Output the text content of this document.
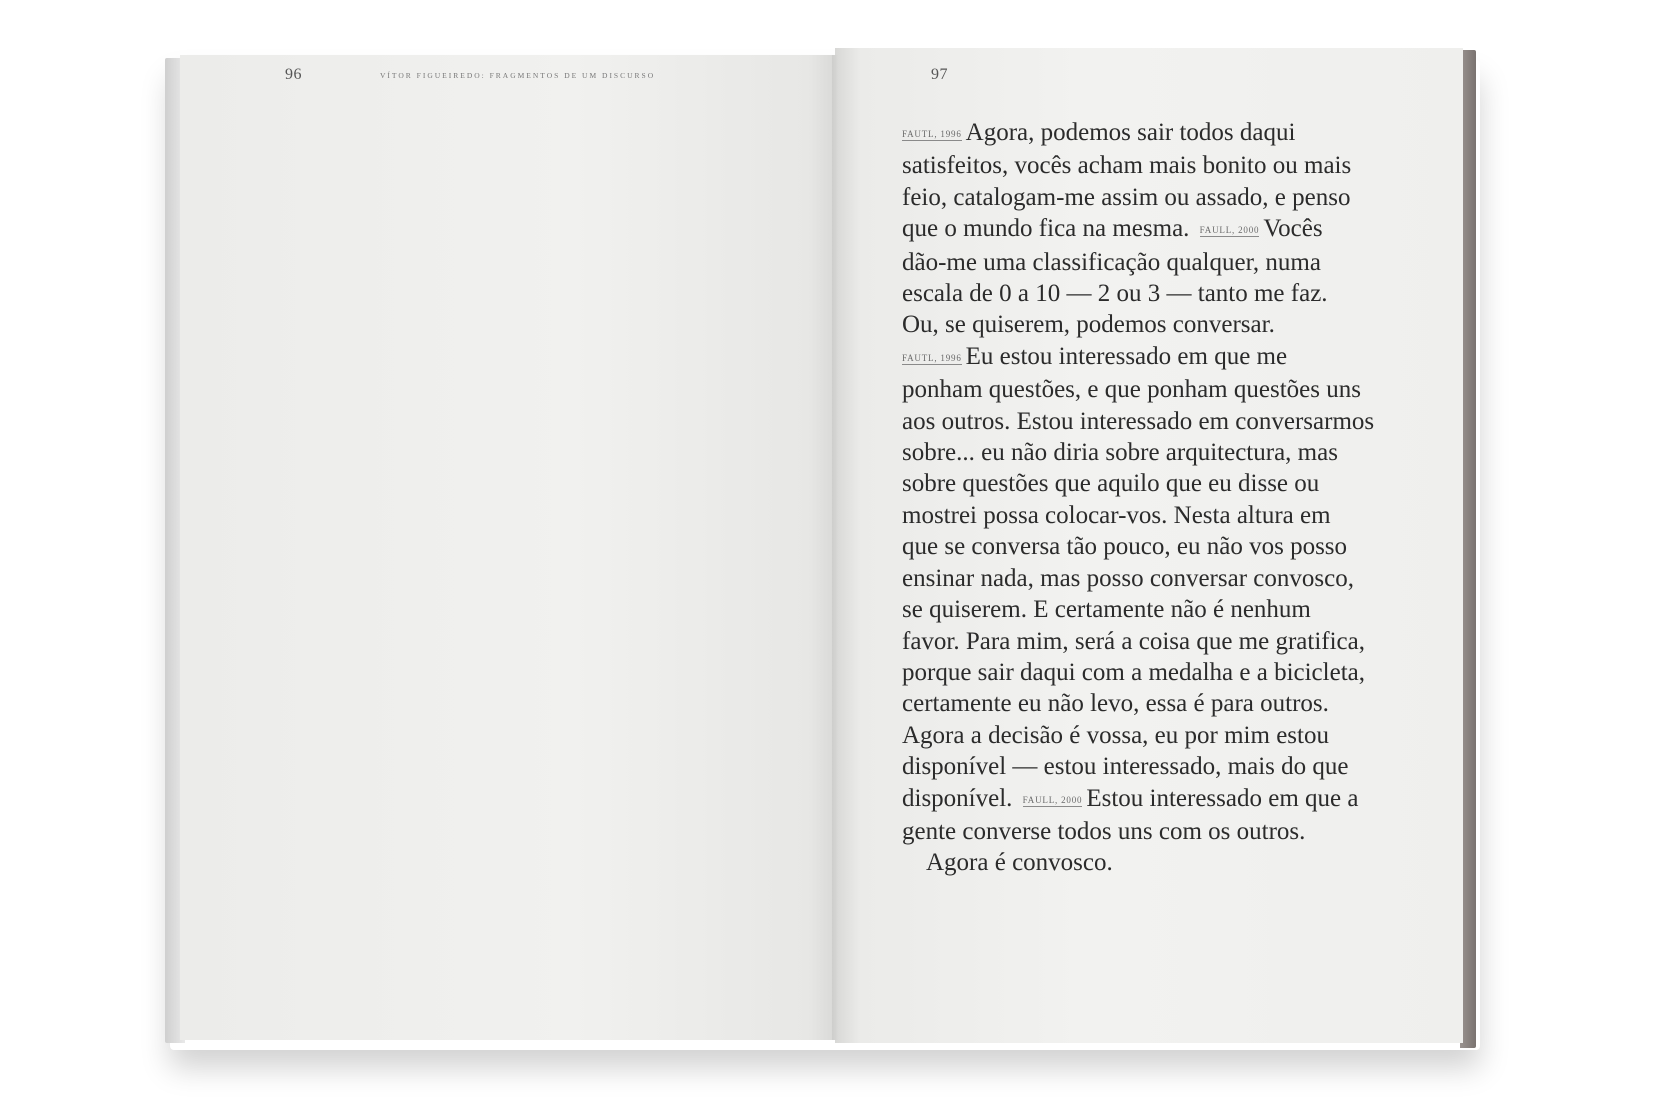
96	VÍTOR FIGUEIREDO: FRAGMENTOS DE UM DISCURSO	97
FAUTL, 1996 Agora, podemos sair todos daqui
satisfeitos, vocês acham mais bonito ou mais
feio, catalogam-me assim ou assado, e penso
que o mundo fica na mesma. FAULL, 2000 Vocês
dão-me uma classificação qualquer, numa
escala de 0 a 10 — 2 ou 3 — tanto me faz.
Ou, se quiserem, podemos conversar.
FAUTL, 1996 Eu estou interessado em que me
ponham questões, e que ponham questões uns
aos outros. Estou interessado em conversarmos
sobre... eu não diria sobre arquitectura, mas
sobre questões que aquilo que eu disse ou
mostrei possa colocar-vos. Nesta altura em
que se conversa tão pouco, eu não vos posso
ensinar nada, mas posso conversar convosco,
se quiserem. E certamente não é nenhum
favor. Para mim, será a coisa que me gratifica,
porque sair daqui com a medalha e a bicicleta,
certamente eu não levo, essa é para outros.
Agora a decisão é vossa, eu por mim estou
disponível — estou interessado, mais do que
disponível. FAULL, 2000 Estou interessado em que a
gente converse todos uns com os outros.
Agora é convosco.
